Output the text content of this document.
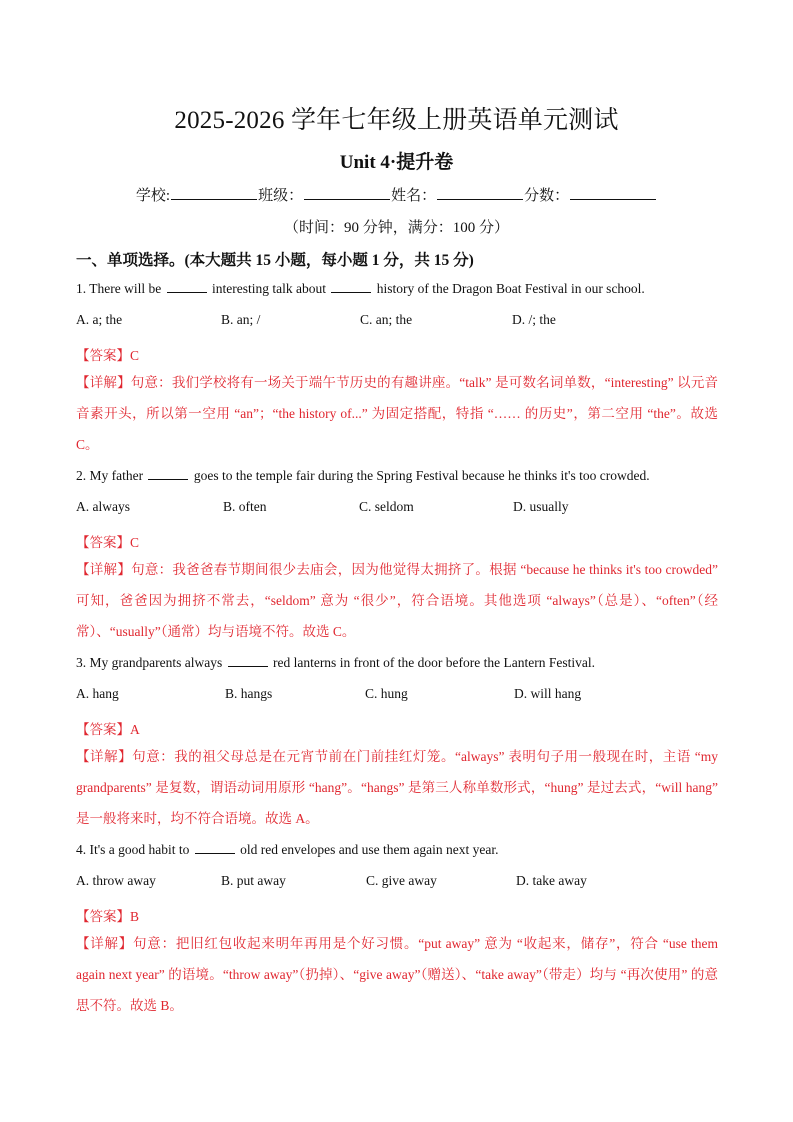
2025-2026 学年七年级上册英语单元测试
Unit 4·提升卷
学校:	班级：	姓名：	分数：
（时间：90 分钟，满分：100 分）
一、单项选择。(本大题共 15 小题，每小题 1 分，共 15 分)
1. There will be	interesting talk about	history of the Dragon Boat Festival in our school.
A. a; the	B. an; /	C. an; the	D. /; the
【答案】C
【详解】句意：我们学校将有一场关于端午节历史的有趣讲座。“talk” 是可数名词单数，“interesting” 以元音音素开头，所以第一空用 “an”；“the history of...” 为固定搭配，特指 “…… 的历史”，第二空用 “the”。故选 C。
2. My father	goes to the temple fair during the Spring Festival because he thinks it's too crowded.
A. always	B. often	C. seldom	D. usually
【答案】C
【详解】句意：我爸爸春节期间很少去庙会，因为他觉得太拥挤了。根据 “because he thinks it's too crowded” 可知，爸爸因为拥挤不常去，“seldom” 意为 “很少”，符合语境。其他选项 “always”（总是）、“often”（经常）、“usually”（通常）均与语境不符。故选 C。
3. My grandparents always	red lanterns in front of the door before the Lantern Festival.
A. hang	B. hangs	C. hung	D. will hang
【答案】A
【详解】句意：我的祖父母总是在元宵节前在门前挂红灯笼。“always” 表明句子用一般现在时，主语 “my grandparents” 是复数，谓语动词用原形 “hang”。“hangs” 是第三人称单数形式，“hung” 是过去式，“will hang” 是一般将来时，均不符合语境。故选 A。
4. It's a good habit to	old red envelopes and use them again next year.
A. throw away	B. put away	C. give away	D. take away
【答案】B
【详解】句意：把旧红包收起来明年再用是个好习惯。“put away” 意为 “收起来，储存”，符合 “use them again next year” 的语境。“throw away”（扔掉）、“give away”（赠送）、“take away”（带走）均与 “再次使用” 的意思不符。故选 B。
